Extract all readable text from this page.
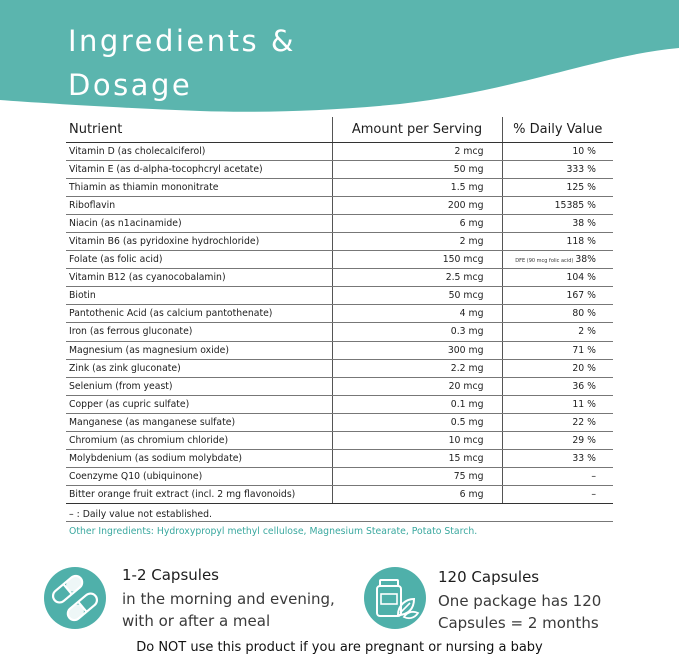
Ingredients &
Dosage
Nutrient	Amount per Serving	% Daily Value
Vitamin D (as cholecalciferol)	2 mcg	10 %
Vitamin E (as d-alpha-tocophcryl acetate)	50 mg	333 %
Thiamin as thiamin mononitrate	1.5 mg	125 %
Riboflavin	200 mg	15385 %
Niacin (as n1acinamide)	6 mg	38 %
Vitamin B6 (as pyridoxine hydrochloride)	2 mg	118 %
Folate (as folic acid)	150 mcg	DFE (90 mcg folic acid) 38%
Vitamin B12 (as cyanocobalamin)	2.5 mcg	104 %
Biotin	50 mcg	167 %
Pantothenic Acid (as calcium pantothenate)	4 mg	80 %
Iron (as ferrous gluconate)	0.3 mg	2 %
Magnesium (as magnesium oxide)	300 mg	71 %
Zink (as zink gluconate)	2.2 mg	20 %
Selenium (from yeast)	20 mcg	36 %
Copper (as cupric sulfate)	0.1 mg	11 %
Manganese (as manganese sulfate)	0.5 mg	22 %
Chromium (as chromium chloride)	10 mcg	29 %
Molybdenium (as sodium molybdate)	15 mcg	33 %
Coenzyme Q10 (ubiquinone)	75 mg	–
Bitter orange fruit extract (incl. 2 mg flavonoids)	6 mg	–
– : Daily value not established.
Other Ingredients: Hydroxypropyl methyl cellulose, Magnesium Stearate, Potato Starch.
1-2 Capsules
in the morning and evening,
with or after a meal
120 Capsules
One package has 120
Capsules = 2 months
Do NOT use this product if you are pregnant or nursing a baby
